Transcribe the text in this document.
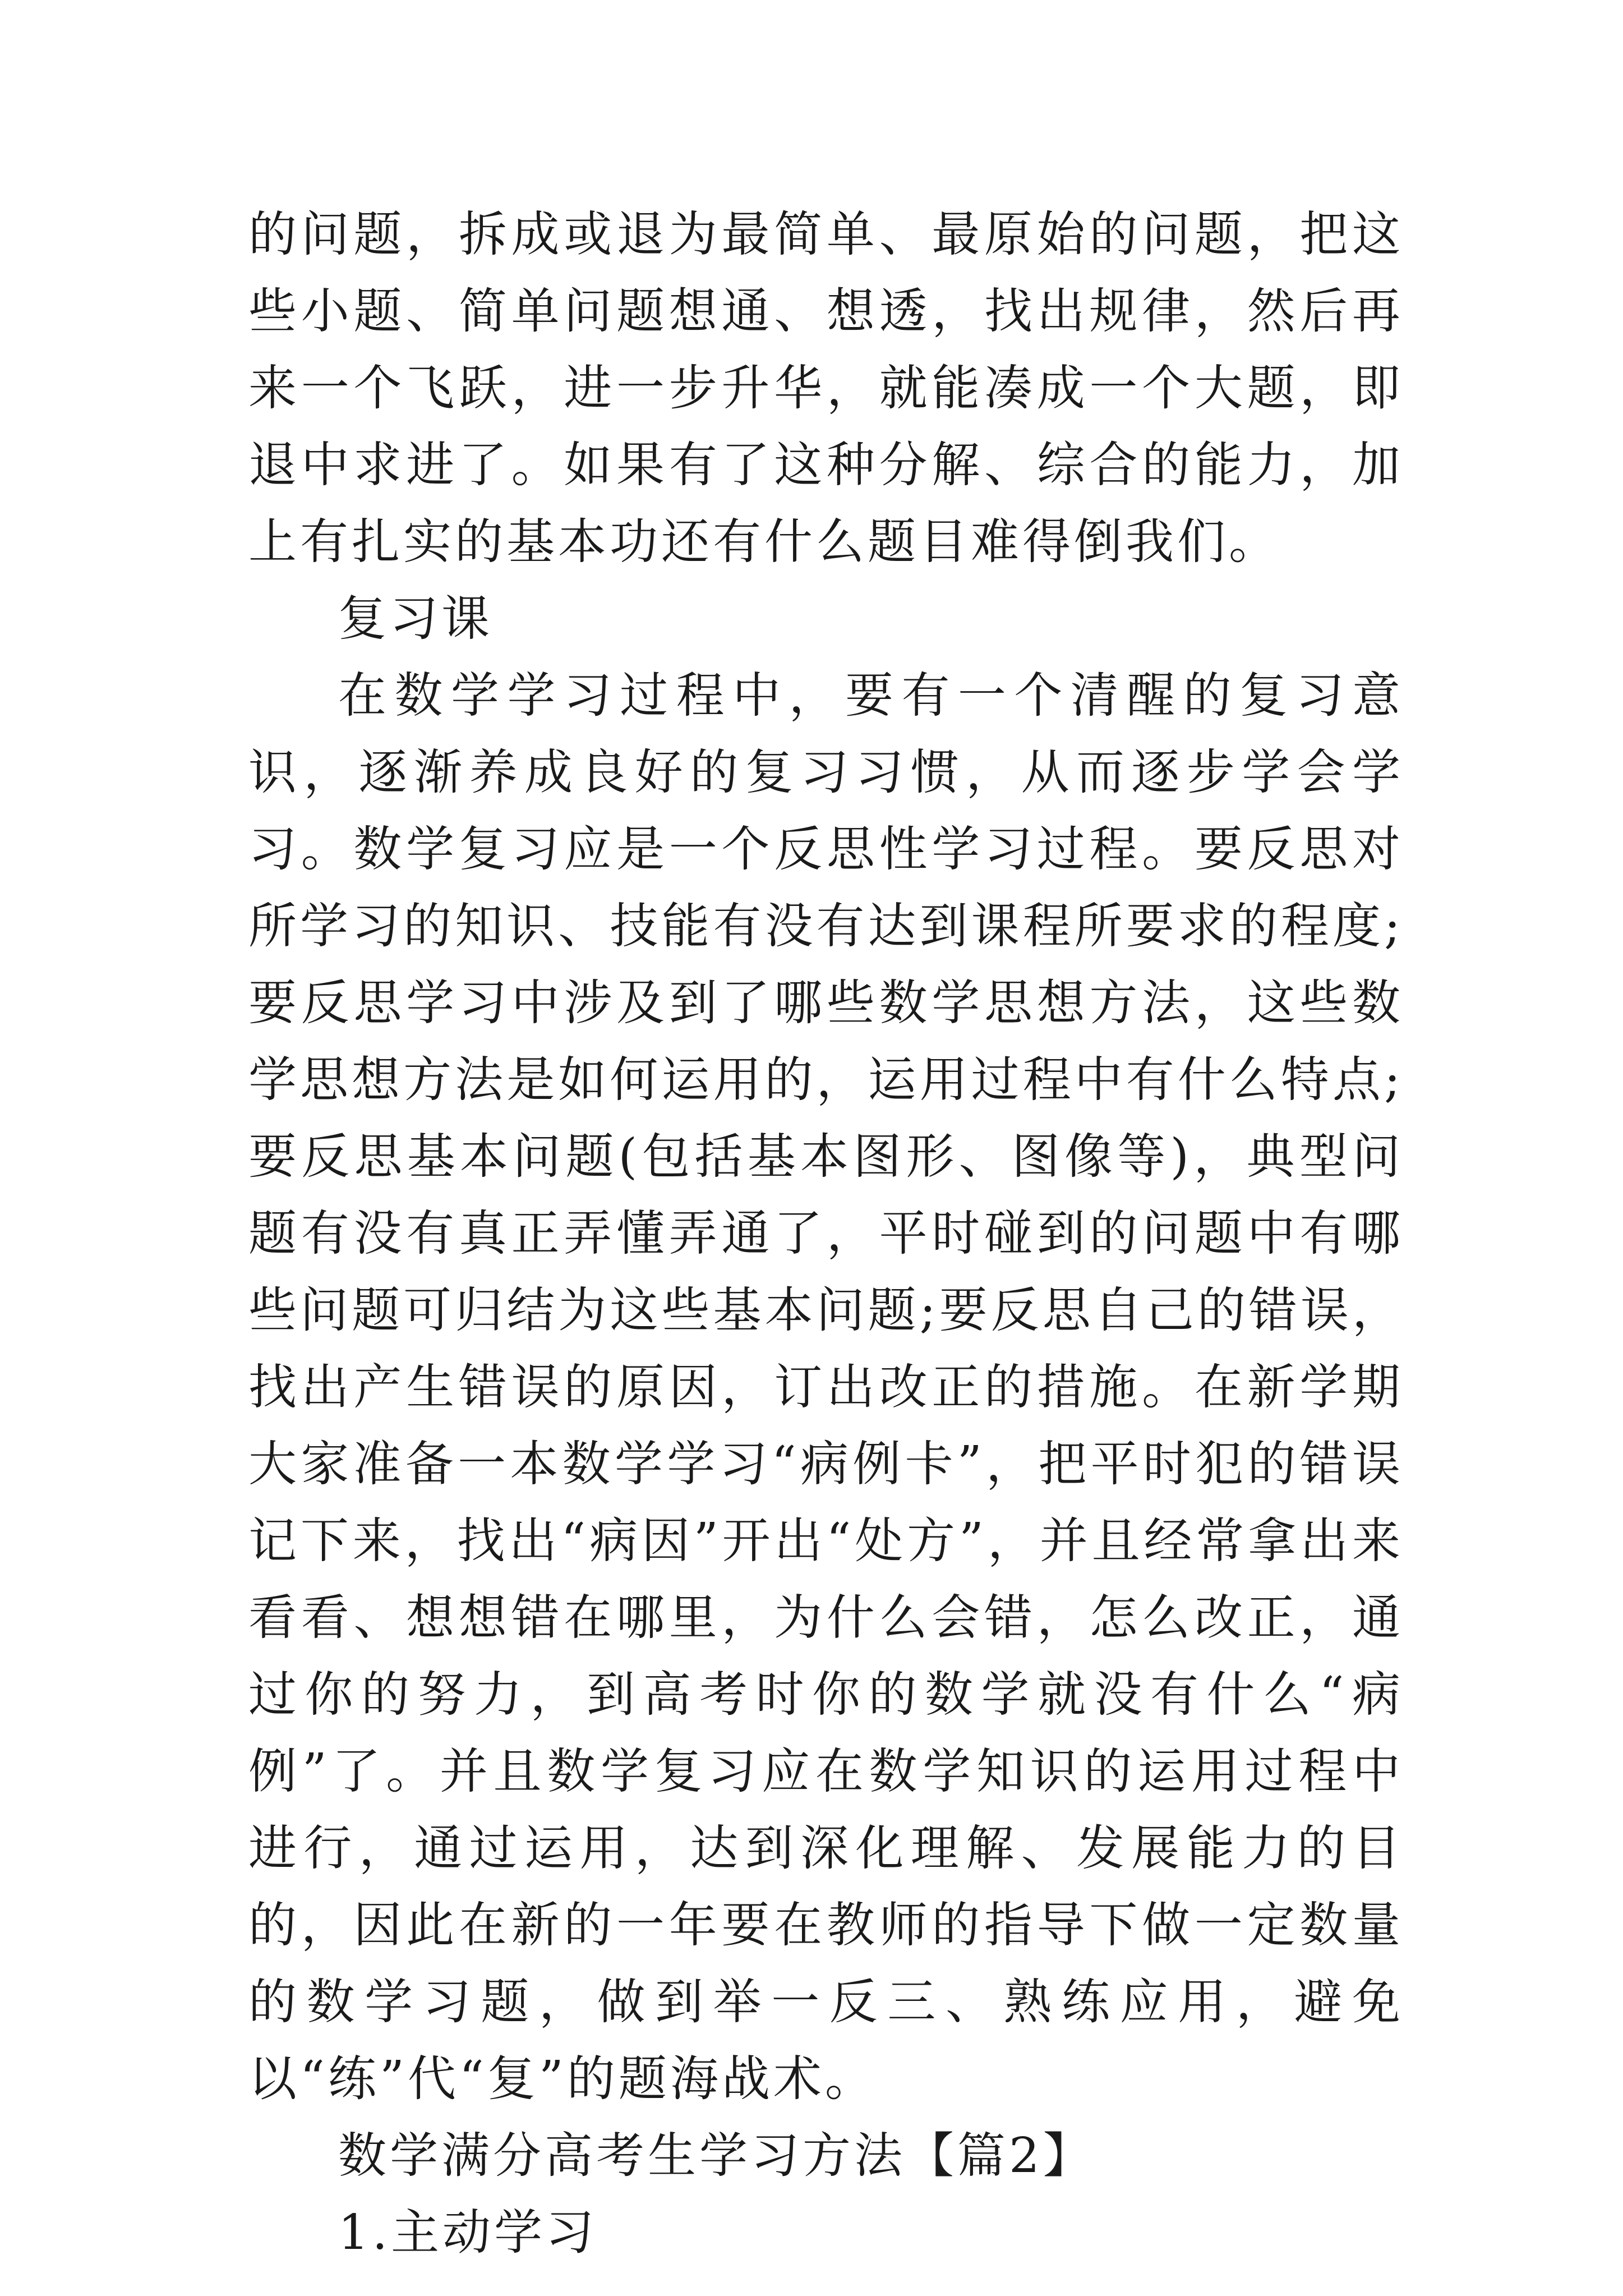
的问题，拆成或退为最简单、最原始的问题，把这些小题、简单问题想通、想透，找出规律，然后再来一个飞跃，进一步升华，就能凑成一个大题，即退中求进了。如果有了这种分解、综合的能力，加上有扎实的基本功还有什么题目难得倒我们。

复习课

在数学学习过程中，要有一个清醒的复习意识，逐渐养成良好的复习习惯，从而逐步学会学习。数学复习应是一个反思性学习过程。要反思对所学习的知识、技能有没有达到课程所要求的程度;要反思学习中涉及到了哪些数学思想方法，这些数学思想方法是如何运用的，运用过程中有什么特点;要反思基本问题(包括基本图形、图像等)，典型问题有没有真正弄懂弄通了，平时碰到的问题中有哪些问题可归结为这些基本问题;要反思自己的错误，找出产生错误的原因，订出改正的措施。在新学期大家准备一本数学学习“病例卡”，把平时犯的错误记下来，找出“病因”开出“处方”，并且经常拿出来看看、想想错在哪里，为什么会错，怎么改正，通过你的努力，到高考时你的数学就没有什么“病例”了。并且数学复习应在数学知识的运用过程中进行，通过运用，达到深化理解、发展能力的目的，因此在新的一年要在教师的指导下做一定数量的数学习题，做到举一反三、熟练应用，避免以“练”代“复”的题海战术。

数学满分高考生学习方法【篇2】

1.主动学习
